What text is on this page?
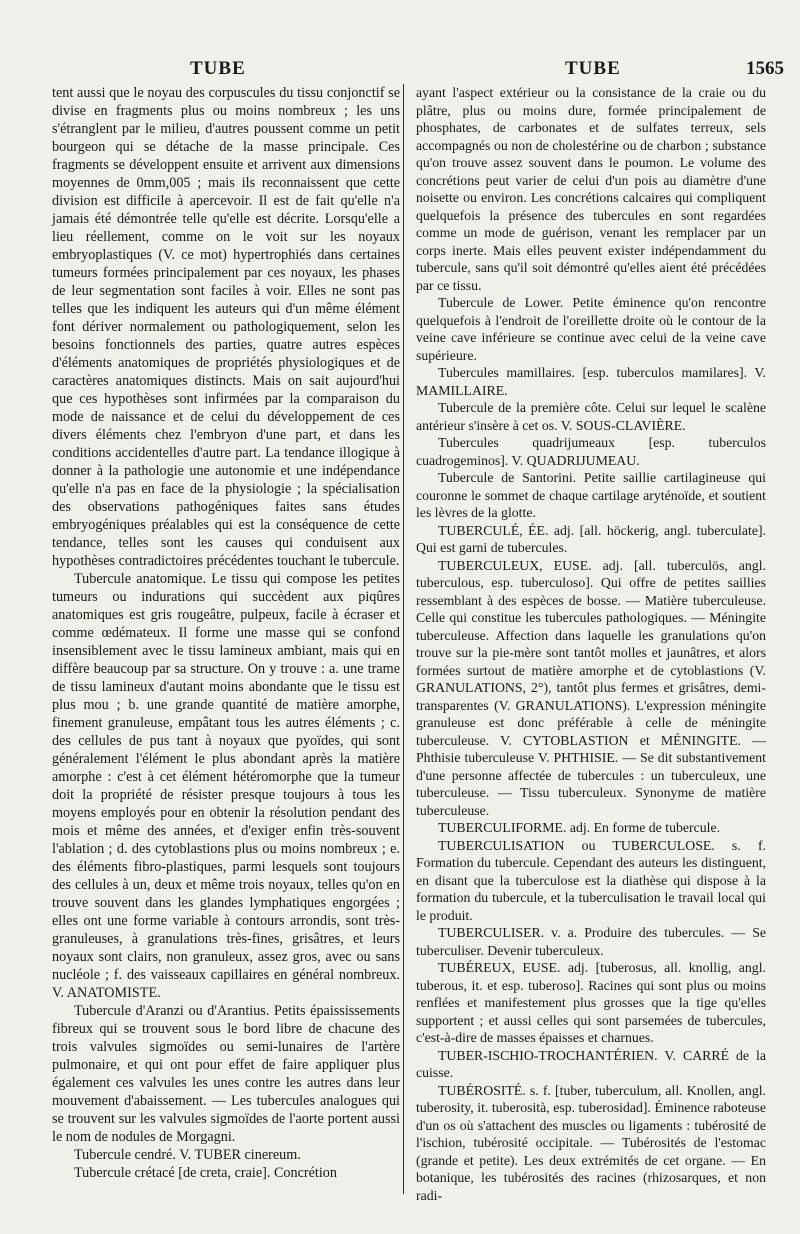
TUBE	TUBE	1565

tent aussi que le noyau des corpuscules du tissu conjonctif se divise en fragments plus ou moins nombreux ; les uns s'étranglent par le milieu, d'autres poussent comme un petit bourgeon qui se détache de la masse principale. Ces fragments se développent ensuite et arrivent aux dimensions moyennes de 0mm,005 ; mais ils reconnaissent que cette division est difficile à apercevoir. Il est de fait qu'elle n'a jamais été démontrée telle qu'elle est décrite. Lorsqu'elle a lieu réellement, comme on le voit sur les noyaux embryoplastiques (V. ce mot) hypertrophiés dans certaines tumeurs formées principalement par ces noyaux, les phases de leur segmentation sont faciles à voir. Elles ne sont pas telles que les indiquent les auteurs qui d'un même élément font dériver normalement ou pathologiquement, selon les besoins fonctionnels des parties, quatre autres espèces d'éléments anatomiques de propriétés physiologiques et de caractères anatomiques distincts. Mais on sait aujourd'hui que ces hypothèses sont infirmées par la comparaison du mode de naissance et de celui du développement de ces divers éléments chez l'embryon d'une part, et dans les conditions accidentelles d'autre part. La tendance illogique à donner à la pathologie une autonomie et une indépendance qu'elle n'a pas en face de la physiologie ; la spécialisation des observations pathogéniques faites sans études embryogéniques préalables qui est la conséquence de cette tendance, telles sont les causes qui conduisent aux hypothèses contradictoires précédentes touchant le tubercule.

Tubercule anatomique. Le tissu qui compose les petites tumeurs ou indurations qui succèdent aux piqûres anatomiques est gris rougeâtre, pulpeux, facile à écraser et comme œdémateux. Il forme une masse qui se confond insensiblement avec le tissu lamineux ambiant, mais qui en diffère beaucoup par sa structure. On y trouve : a. une trame de tissu lamineux d'autant moins abondante que le tissu est plus mou ; b. une grande quantité de matière amorphe, finement granuleuse, empâtant tous les autres éléments ; c. des cellules de pus tant à noyaux que pyoïdes, qui sont généralement l'élément le plus abondant après la matière amorphe : c'est à cet élément hétéromorphe que la tumeur doit la propriété de résister presque toujours à tous les moyens employés pour en obtenir la résolution pendant des mois et même des années, et d'exiger enfin très-souvent l'ablation ; d. des cytoblastions plus ou moins nombreux ; e. des éléments fibro-plastiques, parmi lesquels sont toujours des cellules à un, deux et même trois noyaux, telles qu'on en trouve souvent dans les glandes lymphatiques engorgées ; elles ont une forme variable à contours arrondis, sont très-granuleuses, à granulations très-fines, grisâtres, et leurs noyaux sont clairs, non granuleux, assez gros, avec ou sans nucléole ; f. des vaisseaux capillaires en général nombreux. V. ANATOMISTE.

Tubercule d'Aranzi ou d'Arantius. Petits épaississements fibreux qui se trouvent sous le bord libre de chacune des trois valvules sigmoïdes ou semi-lunaires de l'artère pulmonaire, et qui ont pour effet de faire appliquer plus également ces valvules les unes contre les autres dans leur mouvement d'abaissement. — Les tubercules analogues qui se trouvent sur les valvules sigmoïdes de l'aorte portent aussi le nom de nodules de Morgagni.

Tubercule cendré. V. TUBER cinereum.

Tubercule crétacé [de creta, craie]. Concrétion

ayant l'aspect extérieur ou la consistance de la craie ou du plâtre, plus ou moins dure, formée principalement de phosphates, de carbonates et de sulfates terreux, sels accompagnés ou non de cholestérine ou de charbon ; substance qu'on trouve assez souvent dans le poumon. Le volume des concrétions peut varier de celui d'un pois au diamètre d'une noisette ou environ. Les concrétions calcaires qui compliquent quelquefois la présence des tubercules en sont regardées comme un mode de guérison, venant les remplacer par un corps inerte. Mais elles peuvent exister indépendamment du tubercule, sans qu'il soit démontré qu'elles aient été précédées par ce tissu.

Tubercule de Lower. Petite éminence qu'on rencontre quelquefois à l'endroit de l'oreillette droite où le contour de la veine cave inférieure se continue avec celui de la veine cave supérieure.

Tubercules mamillaires. [esp. tuberculos mamilares]. V. MAMILLAIRE.

Tubercule de la première côte. Celui sur lequel le scalène antérieur s'insère à cet os. V. SOUS-CLAVIÈRE.

Tubercules quadrijumeaux [esp. tuberculos cuadrogeminos]. V. QUADRIJUMEAU.

Tubercule de Santorini. Petite saillie cartilagineuse qui couronne le sommet de chaque cartilage aryténoïde, et soutient les lèvres de la glotte.

TUBERCULÉ, ÉE. adj. [all. höckerig, angl. tuberculate]. Qui est garni de tubercules.

TUBERCULEUX, EUSE. adj. [all. tuberculös, angl. tuberculous, esp. tuberculoso]. Qui offre de petites saillies ressemblant à des espèces de bosse. — Matière tuberculeuse. Celle qui constitue les tubercules pathologiques. — Méningite tuberculeuse. Affection dans laquelle les granulations qu'on trouve sur la pie-mère sont tantôt molles et jaunâtres, et alors formées surtout de matière amorphe et de cytoblastions (V. GRANULATIONS, 2°), tantôt plus fermes et grisâtres, demi-transparentes (V. GRANULATIONS). L'expression méningite granuleuse est donc préférable à celle de méningite tuberculeuse. V. CYTOBLASTION et MÉNINGITE. — Phthisie tuberculeuse V. PHTHISIE. — Se dit substantivement d'une personne affectée de tubercules : un tuberculeux, une tuberculeuse. — Tissu tuberculeux. Synonyme de matière tuberculeuse.

TUBERCULIFORME. adj. En forme de tubercule.

TUBERCULISATION ou TUBERCULOSE. s. f. Formation du tubercule. Cependant des auteurs les distinguent, en disant que la tuberculose est la diathèse qui dispose à la formation du tubercule, et la tuberculisation le travail local qui le produit.

TUBERCULISER. v. a. Produire des tubercules. — Se tuberculiser. Devenir tuberculeux.

TUBÉREUX, EUSE. adj. [tuberosus, all. knollig, angl. tuberous, it. et esp. tuberoso]. Racines qui sont plus ou moins renflées et manifestement plus grosses que la tige qu'elles supportent ; et aussi celles qui sont parsemées de tubercules, c'est-à-dire de masses épaisses et charnues.

TUBER-ISCHIO-TROCHANTÉRIEN. V. CARRÉ de la cuisse.

TUBÉROSITÉ. s. f. [tuber, tuberculum, all. Knollen, angl. tuberosity, it. tuberosità, esp. tuberosidad]. Éminence raboteuse d'un os où s'attachent des muscles ou ligaments : tubérosité de l'ischion, tubérosité occipitale. — Tubérosités de l'estomac (grande et petite). Les deux extrémités de cet organe. — En botanique, les tubérosités des racines (rhizosarques, et non radi-
